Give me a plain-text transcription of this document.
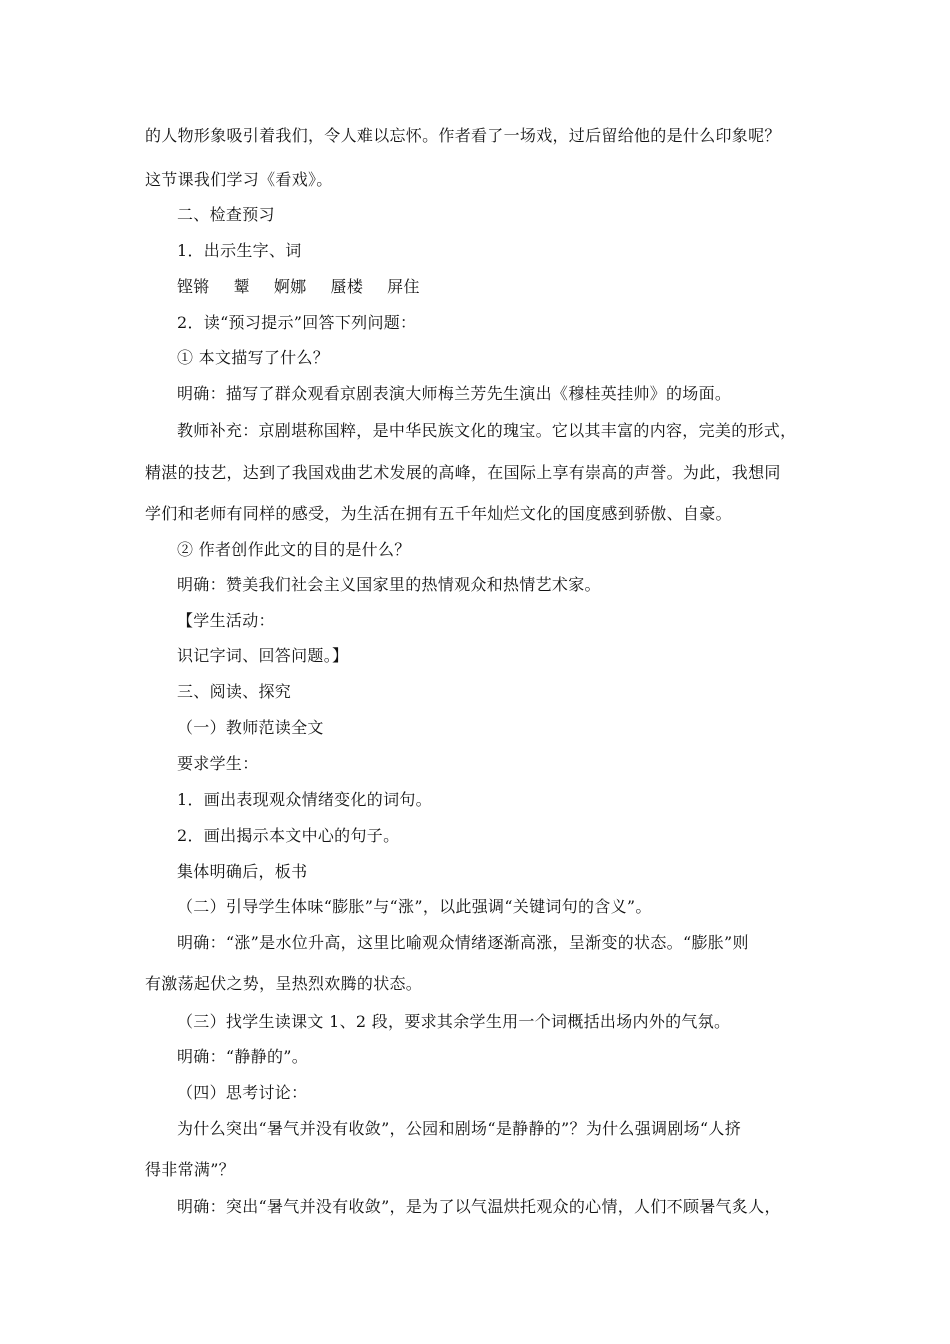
的人物形象吸引着我们，令人难以忘怀。作者看了一场戏，过后留给他的是什么印象呢？
这节课我们学习《看戏》。
二、检查预习
1．出示生字、词
铿锵 颦 婀娜 蜃楼 屏住
2．读“预习提示”回答下列问题：
① 本文描写了什么？
明确：描写了群众观看京剧表演大师梅兰芳先生演出《穆桂英挂帅》的场面。
教师补充：京剧堪称国粹，是中华民族文化的瑰宝。它以其丰富的内容，完美的形式，
精湛的技艺，达到了我国戏曲艺术发展的高峰，在国际上享有崇高的声誉。为此，我想同
学们和老师有同样的感受，为生活在拥有五千年灿烂文化的国度感到骄傲、自豪。
② 作者创作此文的目的是什么？
明确：赞美我们社会主义国家里的热情观众和热情艺术家。
【学生活动：
识记字词、回答问题。】
三、阅读、探究
（一）教师范读全文
要求学生：
1．画出表现观众情绪变化的词句。
2．画出揭示本文中心的句子。
集体明确后，板书
（二）引导学生体味“膨胀”与“涨”，以此强调“关键词句的含义”。
明确：“涨”是水位升高，这里比喻观众情绪逐渐高涨，呈渐变的状态。“膨胀”则
有激荡起伏之势，呈热烈欢腾的状态。
（三）找学生读课文 1、2 段，要求其余学生用一个词概括出场内外的气氛。
明确：“静静的”。
（四）思考讨论：
为什么突出“暑气并没有收敛”，公园和剧场“是静静的”？为什么强调剧场“人挤
得非常满”？
明确：突出“暑气并没有收敛”，是为了以气温烘托观众的心情，人们不顾暑气炙人，
